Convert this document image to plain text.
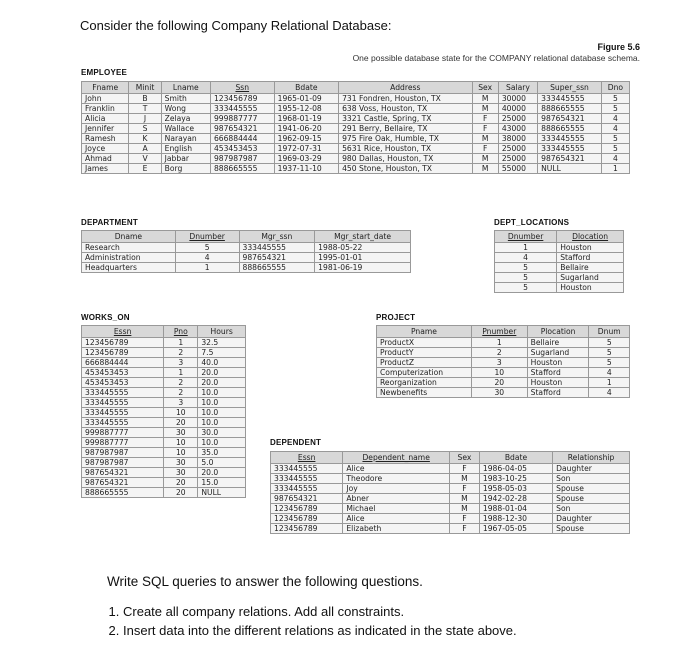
Consider the following Company Relational Database:
Figure 5.6
One possible database state for the COMPANY relational database schema.
EMPLOYEE
Fname	Minit	Lname	Ssn	Bdate	Address	Sex	Salary	Super_ssn	Dno
John	B	Smith	123456789	1965-01-09	731 Fondren, Houston, TX	M	30000	333445555	5
Franklin	T	Wong	333445555	1955-12-08	638 Voss, Houston, TX	M	40000	888665555	5
Alicia	J	Zelaya	999887777	1968-01-19	3321 Castle, Spring, TX	F	25000	987654321	4
Jennifer	S	Wallace	987654321	1941-06-20	291 Berry, Bellaire, TX	F	43000	888665555	4
Ramesh	K	Narayan	666884444	1962-09-15	975 Fire Oak, Humble, TX	M	38000	333445555	5
Joyce	A	English	453453453	1972-07-31	5631 Rice, Houston, TX	F	25000	333445555	5
Ahmad	V	Jabbar	987987987	1969-03-29	980 Dallas, Houston, TX	M	25000	987654321	4
James	E	Borg	888665555	1937-11-10	450 Stone, Houston, TX	M	55000	NULL	1
DEPARTMENT
Dname	Dnumber	Mgr_ssn	Mgr_start_date
Research	5	333445555	1988-05-22
Administration	4	987654321	1995-01-01
Headquarters	1	888665555	1981-06-19
DEPT_LOCATIONS
Dnumber	Dlocation
1	Houston
4	Stafford
5	Bellaire
5	Sugarland
5	Houston
WORKS_ON
Essn	Pno	Hours
123456789	1	32.5
123456789	2	7.5
666884444	3	40.0
453453453	1	20.0
453453453	2	20.0
333445555	2	10.0
333445555	3	10.0
333445555	10	10.0
333445555	20	10.0
999887777	30	30.0
999887777	10	10.0
987987987	10	35.0
987987987	30	5.0
987654321	30	20.0
987654321	20	15.0
888665555	20	NULL
PROJECT
Pname	Pnumber	Plocation	Dnum
ProductX	1	Bellaire	5
ProductY	2	Sugarland	5
ProductZ	3	Houston	5
Computerization	10	Stafford	4
Reorganization	20	Houston	1
Newbenefits	30	Stafford	4
DEPENDENT
Essn	Dependent_name	Sex	Bdate	Relationship
333445555	Alice	F	1986-04-05	Daughter
333445555	Theodore	M	1983-10-25	Son
333445555	Joy	F	1958-05-03	Spouse
987654321	Abner	M	1942-02-28	Spouse
123456789	Michael	M	1988-01-04	Son
123456789	Alice	F	1988-12-30	Daughter
123456789	Elizabeth	F	1967-05-05	Spouse
Write SQL queries to answer the following questions.
1. Create all company relations. Add all constraints.
2. Insert data into the different relations as indicated in the state above.
